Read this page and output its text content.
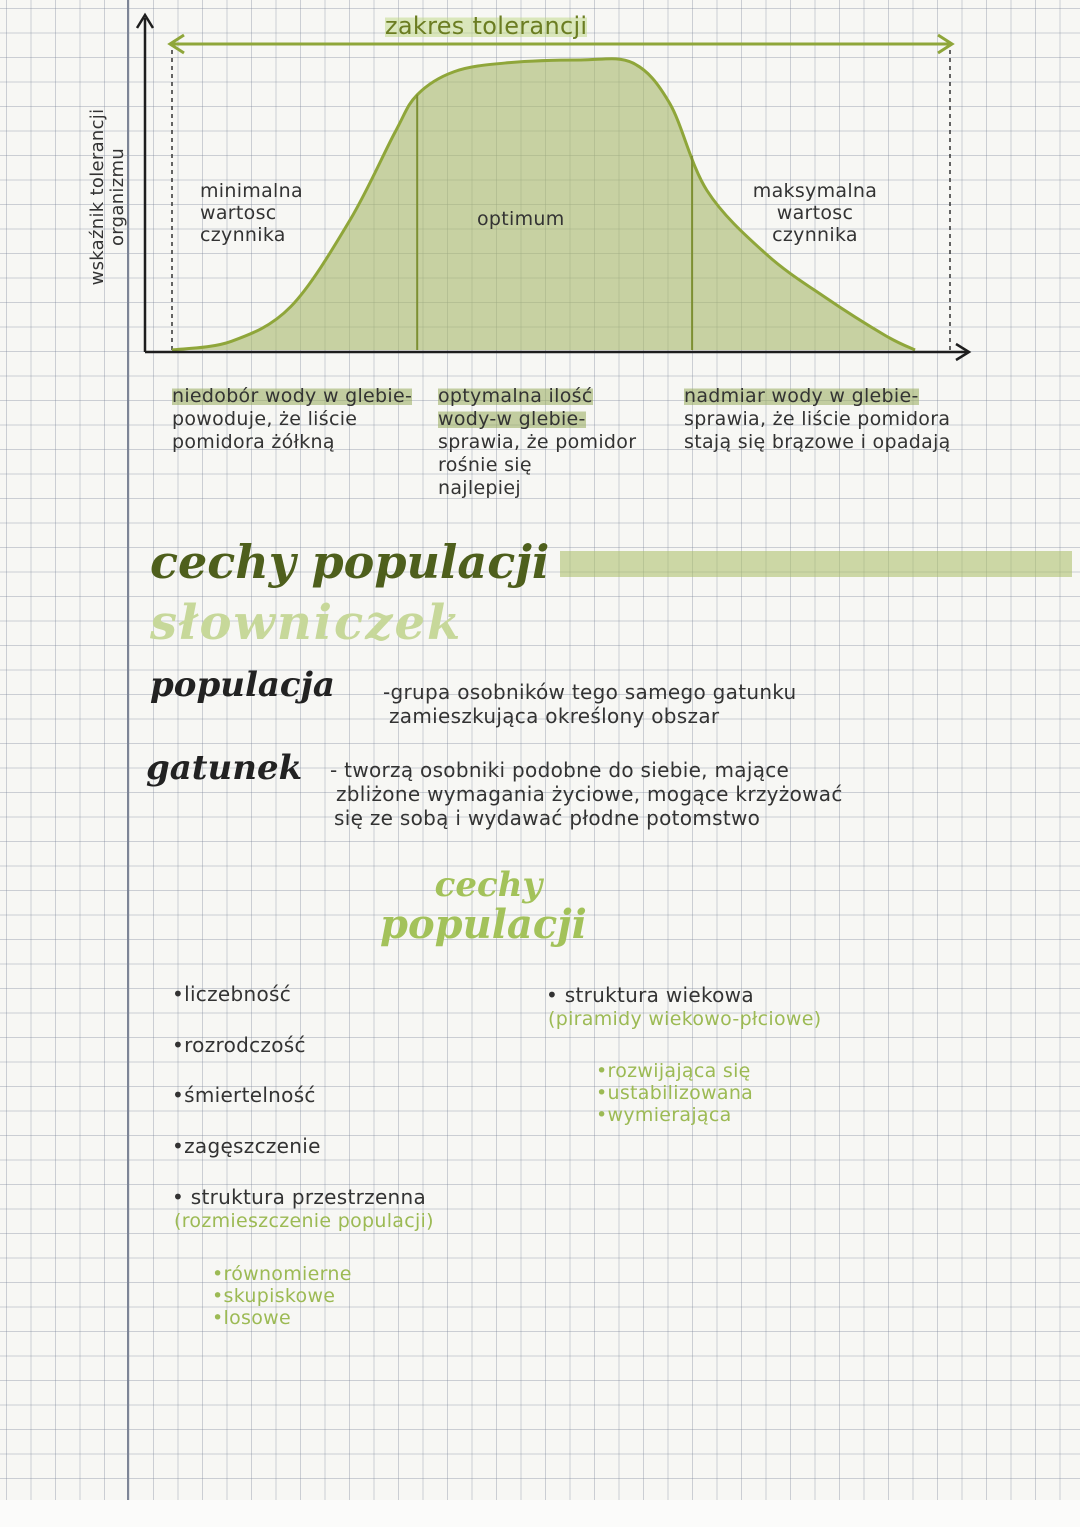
zakres tolerancji
wskaźnik tolerancji organizmu	minimalna
wartosc
czynnika
optimum
maksymalna
wartosc
czynnika
niedobór wody w glebie-
powoduje, że liście
pomidora żółkną
optymalna ilość
wody-w glebie-
sprawia, że pomidor
rośnie się
najlepiej
nadmiar wody w glebie-
sprawia, że liście pomidora
stają się brązowe i opadają
cechy populacji
słowniczek
populacja -grupa osobników tego samego gatunku
zamieszkująca określony obszar
gatunek - tworzą osobniki podobne do siebie, mające
zbliżone wymagania życiowe, mogące krzyżować
się ze sobą i wydawać płodne potomstwo
cechy
populacji
•liczebność
•rozrodczość
•śmiertelność
•zagęszczenie
• struktura przestrzenna
(rozmieszczenie populacji)
•równomierne
•skupiskowe
•losowe
• struktura wiekowa
(piramidy wiekowo-płciowe)
•rozwijająca się
•ustabilizowana
•wymierająca
